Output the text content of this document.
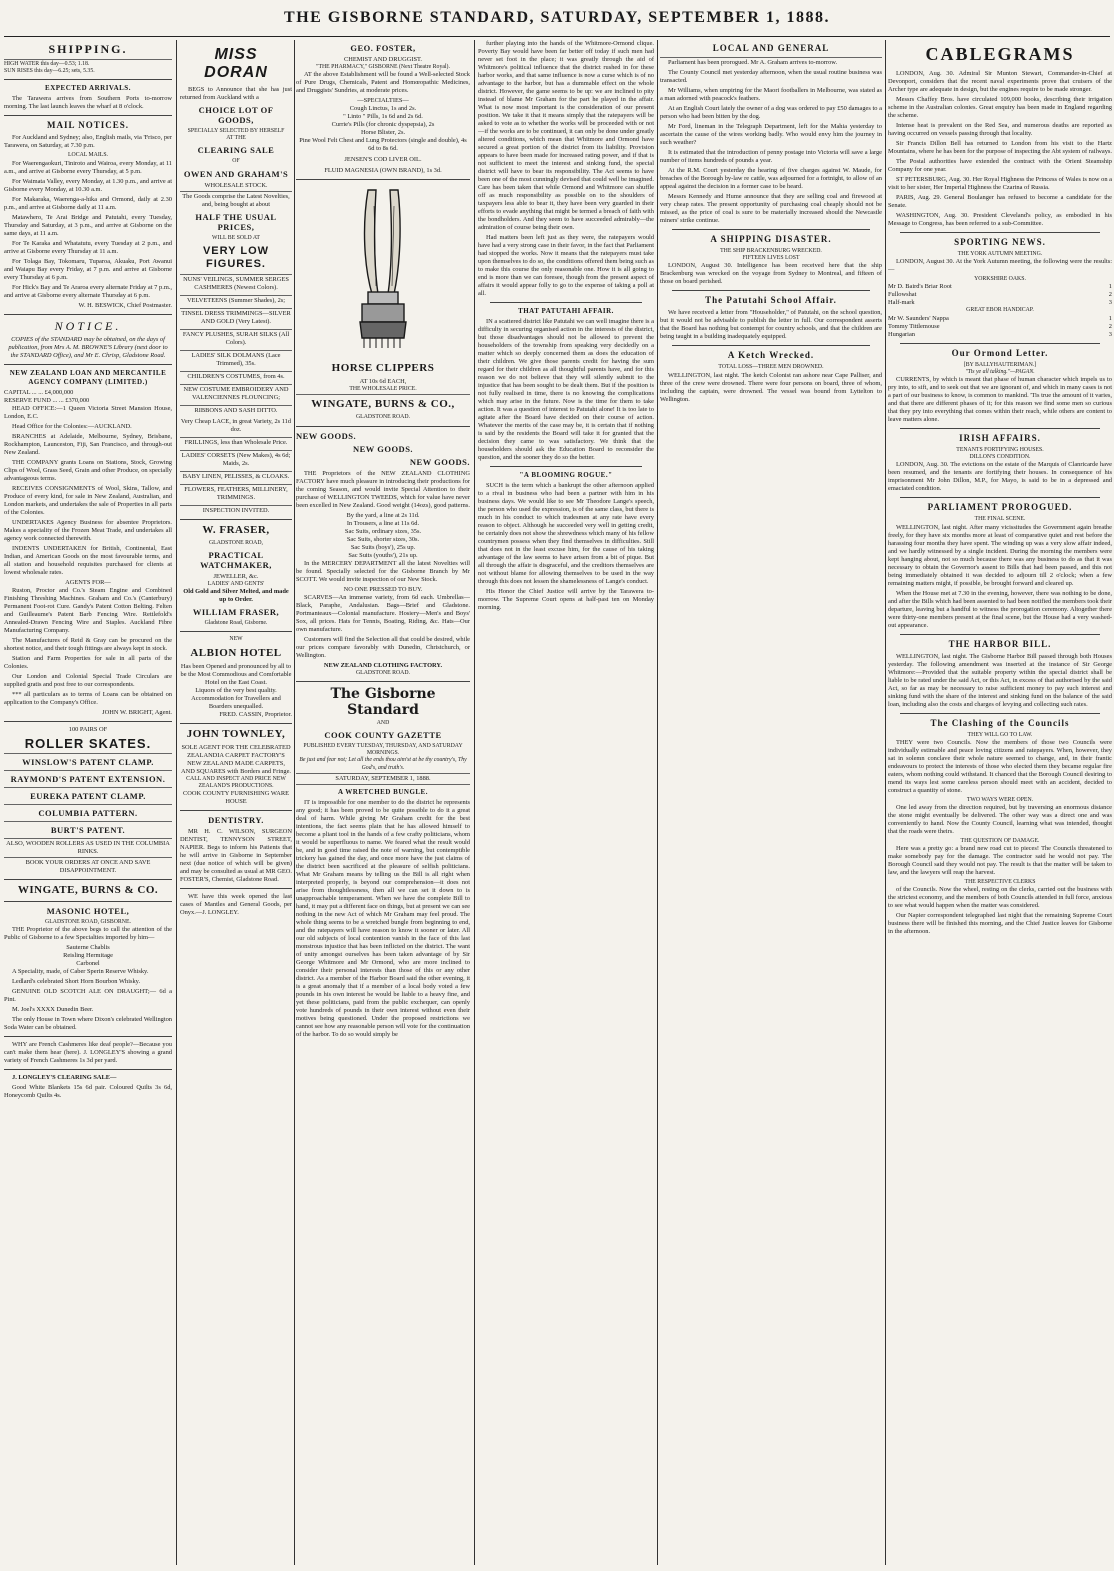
THE GISBORNE STANDARD, SATURDAY, SEPTEMBER 1, 1888.
SHIPPING.
HIGH WATER this day—0.53; 1.18.
SUN RISES this day—6.25; sets, 5.35.
EXPECTED ARRIVALS.
The Tarawera arrives from Southern Ports to-morrow morning. The last launch leaves the wharf at 8 o'clock.
MAIL NOTICES.
For Auckland and Sydney; also, English mails, via 'Frisco, per Tarawera, on Saturday, at 7.30 p.m.
LOCAL MAILS.
For Waerengaokuri, Tiniroto and Wairoa, every Monday, at 11 a.m., and arrive at Gisborne every Thursday, at 5 p.m.
For Waimata Valley, every Monday, at 1.30 p.m., and arrive at Gisborne every Monday, at 10.30 a.m.
For Makaraka, Waerenga-a-hika and Ormond, daily at 2.30 p.m., and arrive at Gisborne daily at 11 a.m.
Matawhero, Te Arai Bridge and Patutahi, every Tuesday, Thursday and Saturday, at 3 p.m., and arrive at Gisborne on the same days, at 11 a.m.
For Te Karaka and Whatatutu, every Tuesday at 2 p.m., and arrive at Gisborne every Thursday at 11 a.m.
For Tolaga Bay, Tokomaru, Tuparoa, Akuaku, Port Awanui and Waiapu Bay every Friday, at 7 p.m. and arrive at Gisborne every Thursday at 6 p.m.
For Hick's Bay and Te Araroa every alternate Friday at 7 p.m., and arrive at Gisborne every alternate Thursday at 6 p.m.
W. H. BESWICK, Chief Postmaster.
NOTICE.
COPIES of the STANDARD may be obtained, on the days of publication, from Mrs A. M. BROWNE'S Library (next door to the STANDARD Office), and Mr E. Chrisp, Gladstone Road.
NEW ZEALAND LOAN AND MERCANTILE AGENCY COMPANY (LIMITED.)
CAPITAL ... ... £4,000,000
RESERVE FUND ... ... £370,000
HEAD OFFICE:—1 Queen Victoria Street Mansion House, London, E.C.
Head Office for the Colonies:—AUCKLAND.
BRANCHES at Adelaide, Melbourne, Sydney, Brisbane, Rockhampton, Launceston, Fiji, San Francisco, and through-out New Zealand.
THE COMPANY grants Loans on Stations, Stock, Growing Clips of Wool, Grass Seed, Grain and other Produce, on specially advantageous terms.
RECEIVES CONSIGNMENTS of Wool, Skins, Tallow, and Produce of every kind, for sale in New Zealand, Australian, and London markets, and undertakes the sale of Properties in all parts of the Colonies.
UNDERTAKES Agency Business for absentee Proprietors. Makes a speciality of the Frozen Meat Trade, and undertakes all agency work connected therewith.
INDENTS UNDERTAKEN for British, Continental, East Indian, and American Goods on the most favourable terms, and all station and household requisites purchased for clients at lowest wholesale rates.
AGENTS FOR—
Ruston, Proctor and Co.'s Steam Engine and Combined Finishing Threshing Machines. Graham and Co.'s (Canterbury) Permanent Foot-rot Cure. Gandy's Patent Cotton Belting. Felten and Guilleaume's Patent Barb Fencing Wire. Rettlefold's Annealed-Drawn Fencing Wire and Staples. Auckland Fibre Manufacturing Company.
The Manufactures of Reid & Gray can be procured on the shortest notice, and their tough fittings are always kept in stock.
Station and Farm Properties for sale in all parts of the Colonies.
Our London and Colonial Special Trade Circulars are supplied gratis and post free to our correspondents.
*** all particulars as to terms of Loans can be obtained on application to the Company's Office.
JOHN W. BRIGHT, Agent.
100 PAIRS OF
ROLLER SKATES.
WINSLOW'S PATENT CLAMP.
RAYMOND'S PATENT EXTENSION.
EUREKA PATENT CLAMP.
COLUMBIA PATTERN.
BURT'S PATENT.
ALSO, WOODEN ROLLERS AS USED IN THE COLUMBIA RINKS.
BOOK YOUR ORDERS AT ONCE AND SAVE DISAPPOINTMENT.
WINGATE, BURNS & CO.
MASONIC HOTEL,
GLADSTONE ROAD, GISBORNE.
THE Proprietor of the above begs to call the attention of the Public of Gisborne to a few Specialties imported by him—
Sauterne Chablis
Reisling Hermitage
Carbonel
A Speciality, made, of Caber Sperin Reserve Whisky.
Ledlard's celebrated Short Horn Bourbon Whisky.
GENUINE OLD SCOTCH ALE ON DRAUGHT;— 6d a Pint.
M. Joel's XXXX Dunedin Beer.
The only House in Town where Dixon's celebrated Wellington Soda Water can be obtained.
WHY are French Cashmeres like deaf people?—Because you can't make them hear (here). J. LONGLEY'S showing a grand variety of French Cashmeres 1s 3d per yard.
J. LONGLEY'S CLEARING SALE—
Good White Blankets 15s 6d pair. Coloured Quilts 3s 6d, Honeycomb Quilts 4s.
MISS DORAN
BEGS to Announce that she has just returned from Auckland with a
CHOICE LOT OF GOODS,
SPECIALLY SELECTED BY HERSELF
AT THE
CLEARING SALE
OF
OWEN AND GRAHAM'S
WHOLESALE STOCK.
The Goods comprise the Latest Novelties, and, being bought at about
HALF THE USUAL PRICES,
WILL BE SOLD AT
VERY LOW FIGURES.
NUNS' VEILINGS, SUMMER SERGES CASHMERES (Newest Colors).
VELVETEENS (Summer Shades), 2s;
TINSEL DRESS TRIMMINGS—SILVER AND GOLD (Very Latest).
FANCY PLUSHES, SURAH SILKS (All Colors).
LADIES' SILK DOLMANS (Lace Trimmed), 35s.
CHILDREN'S COSTUMES, from 4s.
NEW COSTUME EMBROIDERY AND VALENCIENNES FLOUNCING;
RIBBONS AND SASH DITTO.
Very Cheap LACE, in great Variety, 2s 11d doz.
FRILLINGS, less than Wholesale Price.
LADIES' CORSETS (New Makes), 4s 6d; Maids, 2s.
BABY LINEN, PELISSES, & CLOAKS.
FLOWERS, FEATHERS, MILLINERY, TRIMMINGS.
INSPECTION INVITED.
W. FRASER,
GLADSTONE ROAD,
PRACTICAL WATCHMAKER,
JEWELLER, &c.
LADIES' AND GENTS'
Old Gold and Silver Melted, and made up to Order.
WILLIAM FRASER,
Gladstone Road, Gisborne.
NEW
ALBION HOTEL
Has been Opened and pronounced by all to be the Most Commodious and Comfortable Hotel on the East Coast.
Liquors of the very best quality.
Accommodation for Travellers and Boarders unequalled.
FRED. CASSIN, Proprietor.
JOHN TOWNLEY,
SOLE AGENT FOR THE CELEBRATED ZEALANDIA CARPET FACTORY'S NEW ZEALAND MADE CARPETS, AND SQUARES with Borders and Fringe.
CALL AND INSPECT AND PRICE NEW ZEALAND'S PRODUCTIONS.
COOK COUNTY FURNISHING WARE HOUSE
DENTISTRY.
MR H. C. WILSON, SURGEON DENTIST, TENNYSON STREET, NAPIER. Begs to inform his Patients that he will arrive in Gisborne in September next (due notice of which will be given) and may be consulted as usual at MR GEO. FOSTER'S, Chemist, Gladstone Road.
WE have this week opened the last cases of Mantles and General Goods, per Onyx.—J. LONGLEY.
GEO. FOSTER,
CHEMIST AND DRUGGIST.
"THE PHARMACY," GISBORNE (Next Theatre Royal).
AT the above Establishment will be found a Well-selected Stock of Pure Drugs, Chemicals, Patent and Homœopathic Medicines, and Druggists' Sundries, at moderate prices.
—SPECIALTIES—
Cough Linctus, 1s and 2s.
" Linto " Pills, 1s 6d and 2s 6d.
Currie's Pills (for chronic dyspepsia), 2s
Horse Blister, 2s.
Pine Wool Felt Chest and Lung Protectors (single and double), 4s 6d to 8s 6d.
JENSEN'S COD LIVER OIL.
FLUID MAGNESIA (OWN BRAND), 1s 3d.
HORSE CLIPPERS
AT 10s 6d EACH,
THE WHOLESALE PRICE.
WINGATE, BURNS & CO.,
GLADSTONE ROAD.
NEW GOODS.
NEW GOODS.
NEW GOODS.
THE Proprietors of the NEW ZEALAND CLOTHING FACTORY have much pleasure in introducing their productions for the coming Season, and would invite Special Attention to their purchase of WELLINGTON TWEEDS, which for value have never been excelled in New Zealand. Good weight (14ozs), good patterns.
By the yard, a line at 2s 11d.
In Trousers, a line at 11s 6d.
Sac Suits, ordinary sizes, 35s.
Sac Suits, shorter sizes, 30s.
Sac Suits (boys'), 25s up.
Sac Suits (youths'), 21s up.
In the MERCERY DEPARTMENT all the latest Novelties will be found. Specially selected for the Gisborne Branch by Mr SCOTT. We would invite inspection of our New Stock.
NO ONE PRESSED TO BUY.
SCARVES—An immense variety, from 6d each. Umbrellas—Black, Paraphe, Andalusian. Bags—Brief and Gladstone. Portmanteaux—Colonial manufacture. Hosiery—Men's and Boys' Sox, all prices. Hats for Tennis, Boating, Riding, &c. Hats—Our own manufacture.
Customers will find the Selection all that could be desired, while our prices compare favorably with Dunedin, Christchurch, or Wellington.
NEW ZEALAND CLOTHING FACTORY.
GLADSTONE ROAD.
The Gisborne Standard
AND
COOK COUNTY GAZETTE
PUBLISHED EVERY TUESDAY, THURSDAY, AND SATURDAY MORNINGS.
Be just and fear not; Let all the ends thou aim'st at be thy country's, Thy God's, and truth's.
SATURDAY, SEPTEMBER 1, 1888.
A WRETCHED BUNGLE.
IT is impossible for one member to do the district he represents any good; it has been proved to be quite possible to do it a great deal of harm. While giving Mr Graham credit for the best intentions, the fact seems plain that he has allowed himself to become a pliant tool in the hands of a few crafty politicians, whom it would be superfluous to name. We feared what the result would be, and in good time raised the note of warning, but contemptible trickery has gained the day, and once more have the just claims of the district been sacrificed at the pleasure of selfish politicians. What Mr Graham means by telling us the Bill is all right when interpreted properly, is beyond our comprehension—it does not arise from thoughtlessness, then all we can set it down to is unapproachable temperament. When we have the complete Bill to hand, it may put a different face on things, but at present we can see nothing in the new Act of which Mr Graham may feel proud. The whole thing seems to be a wretched bungle from beginning to end, and the ratepayers will have reason to know it sooner or later. All our old subjects of local contention vanish in the face of this last monstrous injustice that has been inflicted on the district. The want of unity amongst ourselves has been taken advantage of by Sir George Whitmore and Mr Ormond, who are more inclined to consider their personal interests than those of this or any other district. As a member of the Harbor Board said the other evening, it is a great anomaly that if a member of a local body voted a few pounds in his own interest he would be liable to a heavy fine, and yet these politicians, paid from the public exchequer, can openly vote hundreds of pounds in their own interest without even their motives being questioned. Under the proposed restrictions we cannot see how any reasonable person will vote for the continuation of the harbor. To do so would simply be
further playing into the hands of the Whitmore-Ormond clique. Poverty Bay would have been far better off today if such men had never set foot in the place; it was greatly through the aid of Whitmore's political influence that the district rushed in for these harbor works, and that same influence is now a curse which is of no advantage to the harbor, but has a dummable effect on the whole district. However, the game seems to be up: we are inclined to pity instead of blame Mr Graham for the part he played in the affair. What is now most important is the consideration of our present position. We take it that it means simply that the ratepayers will be asked to vote as to whether the works will be proceeded with or not—if the works are to be continued, it can only be done under greatly altered conditions, which mean that Whitmore and Ormond have secured a great portion of the district from its liability. Provision appears to have been made for increased rating power, and if that is not sufficient to meet the interest and sinking fund, the special district will have to bear its responsibility. The Act seems to have been one of the most cunningly devised that could well be imagined. Care has been taken that while Ormond and Whitmore can shuffle off as much responsibility as possible on to the shoulders of taxpayers less able to bear it, they have been very guarded in their efforts to evade anything that might be termed a breach of faith with the bondholders. And they seem to have succeeded admirably—the admiration of course being their own.
Had matters been left just as they were, the ratepayers would have had a very strong case in their favor, in the fact that Parliament had stopped the works. Now it means that the ratepayers must take upon themselves to do so, the conditions offered them being such as to make this course the only reasonable one. How it is all going to end is more than we can foresee, though from the present aspect of affairs it would appear folly to go to the expense of taking a poll at all.
THAT PATUTAHI AFFAIR.
IN a scattered district like Patutahi we can well imagine there is a difficulty in securing organised action in the interests of the district, but those disadvantages should not be allowed to prevent the householders of the township from speaking very decidedly on a matter which so deeply concerned them as does the education of their children. We give those parents credit for having the sum regard for their children as all thoughtful parents have, and for this reason we do not believe that they will silently submit to the injustice that has been sought to be dealt them. But if the position is not fully realised in time, there is no knowing the complications which may arise in the future. Now is the time for them to take action. It was a question of interest to Patutahi alone! It is too late to agitate after the Board have decided on their course of action. Whatever the merits of the case may be, it is certain that if nothing is said by the residents the Board will take it for granted that the decision they came to was satisfactory. We think that the householders should ask the Education Board to reconsider the question, and the sooner they do so the better.
"A BLOOMING ROGUE."
SUCH is the term which a bankrupt the other afternoon applied to a rival in business who had been a partner with him in his business days. We would like to see Mr Theodore Lange's speech, the person who used the expression, is of the same class, but there is much in his conduct to which tradesmen at any rate have every reason to object. Although he succeeded very well in getting credit, he certainly does not show the shrewdness which many of his fellow countrymen possess when they find themselves in difficulties. Still that does not in the least excuse him, for the cause of his taking advantage of the law seems to have arisen from a bit of pique. But all through the affair is disgraceful, and the creditors themselves are not without blame for allowing themselves to be used in the way through this does not lessen the shamelessness of Lange's conduct.
His Honor the Chief Justice will arrive by the Tarawera to-morrow. The Supreme Court opens at half-past ten on Monday morning.
LOCAL AND GENERAL
Parliament has been prorogued. Mr A. Graham arrives to-morrow.
The County Council met yesterday afternoon, when the usual routine business was transacted.
Mr Williams, when umpiring for the Maori footballers in Melbourne, was stated as a man adorned with peacock's feathers.
At an English Court lately the owner of a dog was ordered to pay £50 damages to a person who had been bitten by the dog.
Mr Ford, lineman in the Telegraph Department, left for the Mahia yesterday to ascertain the cause of the wires working badly. Who would envy him the journey in such weather?
It is estimated that the introduction of penny postage into Victoria will save a large number of items hundreds of pounds a year.
At the R.M. Court yesterday the hearing of five charges against W. Maude, for breaches of the Borough by-law re cattle, was adjourned for a fortnight, to allow of an appeal against the decision in a former case to be heard.
Messrs Kennedy and Hume announce that they are selling coal and firewood at very cheap rates. The present opportunity of purchasing coal cheaply should not be missed, as the price of coal is sure to be materially increased should the Newcastle miners' strike continue.
A SHIPPING DISASTER.
THE SHIP BRACKENBURG WRECKED.
FIFTEEN LIVES LOST
LONDON, August 30. Intelligence has been received here that the ship Brackenburg was wrecked on the voyage from Sydney to Montreal, and fifteen of those on board perished.
The Patutahi School Affair.
We have received a letter from "Householder," of Patutahi, on the school question, but it would not be advisable to publish the letter in full. Our correspondent asserts that the Board has nothing but contempt for country schools, and that the children are being taught in a building inadequately equipped.
A Ketch Wrecked.
TOTAL LOSS—THREE MEN DROWNED.
WELLINGTON, last night. The ketch Colonist ran ashore near Cape Palliser, and three of the crew were drowned. There were four persons on board, three of whom, including the captain, were drowned. The vessel was bound from Lyttelton to Wellington.
CABLEGRAMS
LONDON, Aug. 30. Admiral Sir Munton Stewart, Commander-in-Chief at Devonport, considers that the recent naval experiments prove that cruisers of the Archer type are adequate in design, but the engines require to be made stronger.
Messrs Chaffey Bros. have circulated 109,000 books, describing their irrigation scheme in the Australian colonies. Great enquiry has been made in England regarding the scheme.
Intense heat is prevalent on the Red Sea, and numerous deaths are reported as having occurred on vessels passing through that locality.
Sir Francis Dillon Bell has returned to London from his visit to the Hartz Mountains, where he has been for the purpose of inspecting the Abt system of railways.
The Postal authorities have extended the contract with the Orient Steamship Company for one year.
ST PETERSBURG, Aug. 30. Her Royal Highness the Princess of Wales is now on a visit to her sister, Her Imperial Highness the Czarina of Russia.
PARIS, Aug. 29. General Boulanger has refused to become a candidate for the Senate.
WASHINGTON, Aug. 30. President Cleveland's policy, as embodied in his Message to Congress, has been referred to a sub-Committee.
SPORTING NEWS.
THE YORK AUTUMN MEETING.
LONDON, August 30. At the York Autumn meeting, the following were the results:—
YORKSHIRE OAKS.
Mr D. Baird's Briar Root	1
Fullowshat	2
Half-mark	3
GREAT EBOR HANDICAP.
Mr W. Saunders' Nappa	1
Tommy Tittlemouse	2
Hungarian	3
Our Ormond Letter.
[BY BALLYHAUTERIMAN.]
"Tis ye all talking."—PAGAN.
CURRENTS, by which is meant that phase of human character which impels us to pry into, to sift, and to seek out that we are ignorant of, and which in many cases is not a part of our business to know, is common to mankind. 'Tis true the amount of it varies, and that there are different phases of it; for this reason we find some men so curious that they pry into everything that comes within their reach, while others are content to leave matters alone.
IRISH AFFAIRS.
TENANTS FORTIFYING HOUSES.
DILLON'S CONDITION.
LONDON, Aug. 30. The evictions on the estate of the Marquis of Clanricarde have been resumed, and the tenants are fortifying their houses. In consequence of his imprisonment Mr John Dillon, M.P., for Mayo, is said to be in a depressed and emaciated condition.
PARLIAMENT PROROGUED.
THE FINAL SCENE.
WELLINGTON, last night. After many vicissitudes the Government again breathe freely, for they have six months more at least of comparative quiet and rest before the harassing four months they have spent. The winding up was a very slow affair indeed, and we hardly witnessed by a single incident. During the morning the members were kept hanging about, not so much because there was any business to do as that it was necessary to obtain the Governor's assent to Bills that had been passed, and this not being immediately obtained it was decided to adjourn till 2 o'clock; when a few remaining matters might, if possible, be brought forward and cleared up.
When the House met at 7.30 in the evening, however, there was nothing to be done, and after the Bills which had been assented to had been notified the members took their departure, leaving but a handful to witness the prorogation ceremony. Altogether there were thirty-one members present at the final scene, but the House had a very washed-out appearance.
THE HARBOR BILL.
WELLINGTON, last night. The Gisborne Harbor Bill passed through both Houses yesterday. The following amendment was inserted at the instance of Sir George Whitmore:—Provided that the suitable property within the special district shall be liable to be rated under the said Act, or this Act, in excess of that authorised by the said Act, so far as may be necessary to raise sufficient money to pay such interest and sinking fund with the share of the interest and sinking fund on the balance of the said loan, including also the costs and charges of levying and collecting such rates.
The Clashing of the Councils
THEY WILL GO TO LAW.
THEY were two Councils. Now the members of those two Councils were individually estimable and peace loving citizens and ratepayers. When, however, they sat in solemn conclave their whole nature seemed to change, and, in their frantic endeavours to protect the interests of those who elected them they became regular fire eaters, whom nothing could withstand. It chanced that the Borough Council desiring to mend its ways lest some careless person should meet with an accident, decided to construct a quantity of stone.
TWO WAYS WERE OPEN.
One led away from the direction required, but by traversing an enormous distance the stone might eventually be delivered. The other way was a direct one and was conveniently to hand. Now the County Council, learning what was intended, thought that the roads were theirs.
THE QUESTION OF DAMAGE.
Here was a pretty go: a brand new road cut to pieces! The Councils threatened to make somebody pay for the damage. The contractor said he would not pay. The Borough Council said they would not pay. The result is that the matter will be taken to law, and the lawyers will reap the harvest.
THE RESPECTIVE CLERKS
of the Councils. Now the wheel, resting on the clerks, carried out the business with the strictest economy, and the members of both Councils attended in full force, anxious to see what would happen when the matter was considered.
Our Napier correspondent telegraphed last night that the remaining Supreme Court business there will be finished this morning, and the Chief Justice leaves for Gisborne in the afternoon.
